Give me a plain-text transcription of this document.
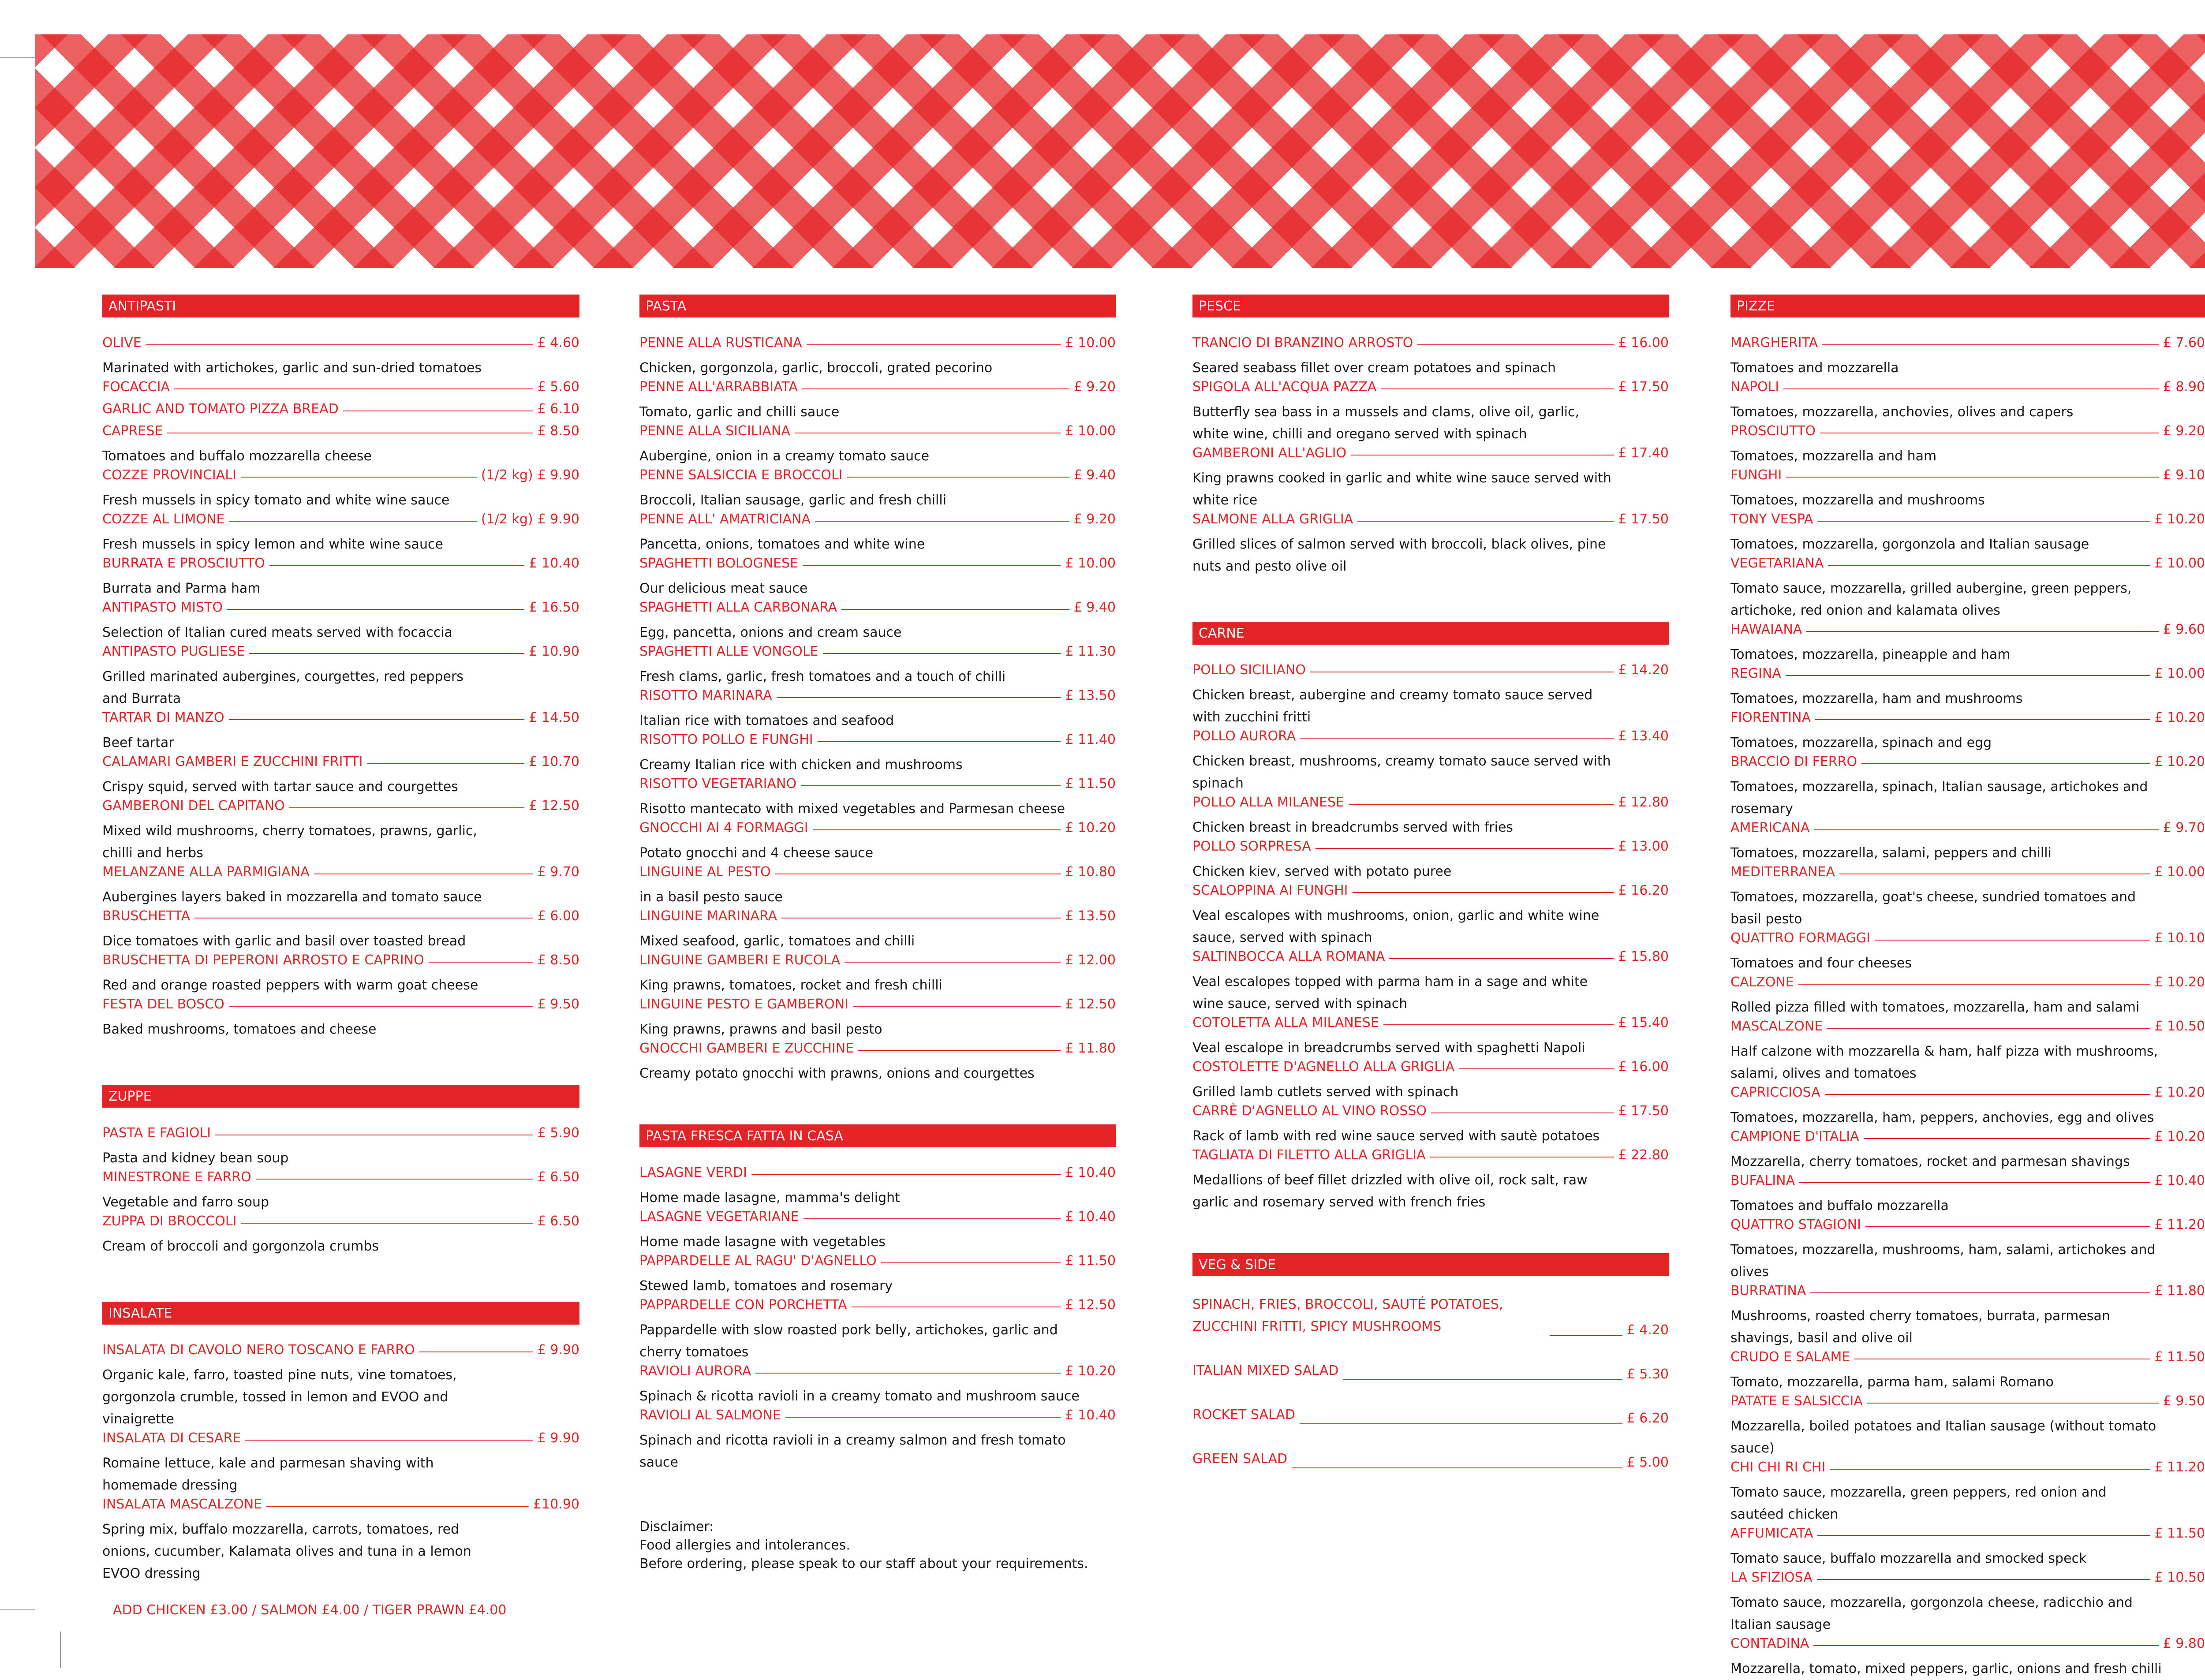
ANTIPASTI
OLIVE	£ 4.60
Marinated with artichokes, garlic and sun-dried tomatoes
FOCACCIA	£ 5.60
GARLIC AND TOMATO PIZZA BREAD	£ 6.10
CAPRESE	£ 8.50
Tomatoes and buffalo mozzarella cheese
COZZE PROVINCIALI	(1/2 kg) £ 9.90
Fresh mussels in spicy tomato and white wine sauce
COZZE AL LIMONE	(1/2 kg) £ 9.90
Fresh mussels in spicy lemon and white wine sauce
BURRATA E PROSCIUTTO	£ 10.40
Burrata and Parma ham
ANTIPASTO MISTO	£ 16.50
Selection of Italian cured meats served with focaccia
ANTIPASTO PUGLIESE	£ 10.90
Grilled marinated aubergines, courgettes, red peppers and Burrata
TARTAR DI MANZO	£ 14.50
Beef tartar
CALAMARI GAMBERI E ZUCCHINI FRITTI	£ 10.70
Crispy squid, served with tartar sauce and courgettes
GAMBERONI DEL CAPITANO	£ 12.50
Mixed wild mushrooms, cherry tomatoes, prawns, garlic, chilli and herbs
MELANZANE ALLA PARMIGIANA	£ 9.70
Aubergines layers baked in mozzarella and tomato sauce
BRUSCHETTA	£ 6.00
Dice tomatoes with garlic and basil over toasted bread
BRUSCHETTA DI PEPERONI ARROSTO E CAPRINO	£ 8.50
Red and orange roasted peppers with warm goat cheese
FESTA DEL BOSCO	£ 9.50
Baked mushrooms, tomatoes and cheese
ZUPPE
PASTA E FAGIOLI	£ 5.90
Pasta and kidney bean soup
MINESTRONE E FARRO	£ 6.50
Vegetable and farro soup
ZUPPA DI BROCCOLI	£ 6.50
Cream of broccoli and gorgonzola crumbs
INSALATE
INSALATA DI CAVOLO NERO TOSCANO E FARRO	£ 9.90
Organic kale, farro, toasted pine nuts, vine tomatoes, gorgonzola crumble, tossed in lemon and EVOO and vinaigrette
INSALATA DI CESARE	£ 9.90
Romaine lettuce, kale and parmesan shaving with homemade dressing
INSALATA MASCALZONE	£10.90
Spring mix, buffalo mozzarella, carrots, tomatoes, red onions, cucumber, Kalamata olives and tuna in a lemon EVOO dressing
ADD CHICKEN £3.00 / SALMON £4.00 / TIGER PRAWN £4.00
PASTA
PENNE ALLA RUSTICANA	£ 10.00
Chicken, gorgonzola, garlic, broccoli, grated pecorino
PENNE ALL'ARRABBIATA	£ 9.20
Tomato, garlic and chilli sauce
PENNE ALLA SICILIANA	£ 10.00
Aubergine, onion in a creamy tomato sauce
PENNE SALSICCIA E BROCCOLI	£ 9.40
Broccoli, Italian sausage, garlic and fresh chilli
PENNE ALL' AMATRICIANA	£ 9.20
Pancetta, onions, tomatoes and white wine
SPAGHETTI BOLOGNESE	£ 10.00
Our delicious meat sauce
SPAGHETTI ALLA CARBONARA	£ 9.40
Egg, pancetta, onions and cream sauce
SPAGHETTI ALLE VONGOLE	£ 11.30
Fresh clams, garlic, fresh tomatoes and a touch of chilli
RISOTTO MARINARA	£ 13.50
Italian rice with tomatoes and seafood
RISOTTO POLLO E FUNGHI	£ 11.40
Creamy Italian rice with chicken and mushrooms
RISOTTO VEGETARIANO	£ 11.50
Risotto mantecato with mixed vegetables and Parmesan cheese
GNOCCHI AI 4 FORMAGGI	£ 10.20
Potato gnocchi and 4 cheese sauce
LINGUINE AL PESTO	£ 10.80
in a basil pesto sauce
LINGUINE MARINARA	£ 13.50
Mixed seafood, garlic, tomatoes and chilli
LINGUINE GAMBERI E RUCOLA	£ 12.00
King prawns, tomatoes, rocket and fresh chilli
LINGUINE PESTO E GAMBERONI	£ 12.50
King prawns, prawns and basil pesto
GNOCCHI GAMBERI E ZUCCHINE	£ 11.80
Creamy potato gnocchi with prawns, onions and courgettes
PASTA FRESCA FATTA IN CASA
LASAGNE VERDI	£ 10.40
Home made lasagne, mamma's delight
LASAGNE VEGETARIANE	£ 10.40
Home made lasagne with vegetables
PAPPARDELLE AL RAGU' D'AGNELLO	£ 11.50
Stewed lamb, tomatoes and rosemary
PAPPARDELLE CON PORCHETTA	£ 12.50
Pappardelle with slow roasted pork belly, artichokes, garlic and cherry tomatoes
RAVIOLI AURORA	£ 10.20
Spinach & ricotta ravioli in a creamy tomato and mushroom sauce
RAVIOLI AL SALMONE	£ 10.40
Spinach and ricotta ravioli in a creamy salmon and fresh tomato sauce
Disclaimer:
Food allergies and intolerances.
Before ordering, please speak to our staff about your requirements.
PESCE
TRANCIO DI BRANZINO ARROSTO	£ 16.00
Seared seabass fillet over cream potatoes and spinach
SPIGOLA ALL'ACQUA PAZZA	£ 17.50
Butterfly sea bass in a mussels and clams, olive oil, garlic, white wine, chilli and oregano served with spinach
GAMBERONI ALL'AGLIO	£ 17.40
King prawns cooked in garlic and white wine sauce served with white rice
SALMONE ALLA GRIGLIA	£ 17.50
Grilled slices of salmon served with broccoli, black olives, pine nuts and pesto olive oil
CARNE
POLLO SICILIANO	£ 14.20
Chicken breast, aubergine and creamy tomato sauce served with zucchini fritti
POLLO AURORA	£ 13.40
Chicken breast, mushrooms, creamy tomato sauce served with spinach
POLLO ALLA MILANESE	£ 12.80
Chicken breast in breadcrumbs served with fries
POLLO SORPRESA	£ 13.00
Chicken kiev, served with potato puree
SCALOPPINA AI FUNGHI	£ 16.20
Veal escalopes with mushrooms, onion, garlic and white wine sauce, served with spinach
SALTINBOCCA ALLA ROMANA	£ 15.80
Veal escalopes topped with parma ham in a sage and white wine sauce, served with spinach
COTOLETTA ALLA MILANESE	£ 15.40
Veal escalope in breadcrumbs served with spaghetti Napoli
COSTOLETTE D'AGNELLO ALLA GRIGLIA	£ 16.00
Grilled lamb cutlets served with spinach
CARRÈ D'AGNELLO AL VINO ROSSO	£ 17.50
Rack of lamb with red wine sauce served with sautè potatoes
TAGLIATA DI FILETTO ALLA GRIGLIA	£ 22.80
Medallions of beef fillet drizzled with olive oil, rock salt, raw garlic and rosemary served with french fries
VEG & SIDE
SPINACH, FRIES, BROCCOLI, SAUTÉ POTATOES, ZUCCHINI FRITTI, SPICY MUSHROOMS	£ 4.20
ITALIAN MIXED SALAD	£ 5.30
ROCKET SALAD	£ 6.20
GREEN SALAD	£ 5.00
PIZZE
MARGHERITA	£ 7.60
Tomatoes and mozzarella
NAPOLI	£ 8.90
Tomatoes, mozzarella, anchovies, olives and capers
PROSCIUTTO	£ 9.20
Tomatoes, mozzarella and ham
FUNGHI	£ 9.10
Tomatoes, mozzarella and mushrooms
TONY VESPA	£ 10.20
Tomatoes, mozzarella, gorgonzola and Italian sausage
VEGETARIANA	£ 10.00
Tomato sauce, mozzarella, grilled aubergine, green peppers, artichoke, red onion and kalamata olives
HAWAIANA	£ 9.60
Tomatoes, mozzarella, pineapple and ham
REGINA	£ 10.00
Tomatoes, mozzarella, ham and mushrooms
FIORENTINA	£ 10.20
Tomatoes, mozzarella, spinach and egg
BRACCIO DI FERRO	£ 10.20
Tomatoes, mozzarella, spinach, Italian sausage, artichokes and rosemary
AMERICANA	£ 9.70
Tomatoes, mozzarella, salami, peppers and chilli
MEDITERRANEA	£ 10.00
Tomatoes, mozzarella, goat's cheese, sundried tomatoes and basil pesto
QUATTRO FORMAGGI	£ 10.10
Tomatoes and four cheeses
CALZONE	£ 10.20
Rolled pizza filled with tomatoes, mozzarella, ham and salami
MASCALZONE	£ 10.50
Half calzone with mozzarella & ham, half pizza with mushrooms, salami, olives and tomatoes
CAPRICCIOSA	£ 10.20
Tomatoes, mozzarella, ham, peppers, anchovies, egg and olives
CAMPIONE D'ITALIA	£ 10.20
Mozzarella, cherry tomatoes, rocket and parmesan shavings
BUFALINA	£ 10.40
Tomatoes and buffalo mozzarella
QUATTRO STAGIONI	£ 11.20
Tomatoes, mozzarella, mushrooms, ham, salami, artichokes and olives
BURRATINA	£ 11.80
Mushrooms, roasted cherry tomatoes, burrata, parmesan shavings, basil and olive oil
CRUDO E SALAME	£ 11.50
Tomato, mozzarella, parma ham, salami Romano
PATATE E SALSICCIA	£ 9.50
Mozzarella, boiled potatoes and Italian sausage (without tomato sauce)
CHI CHI RI CHI	£ 11.20
Tomato sauce, mozzarella, green peppers, red onion and sautéed chicken
AFFUMICATA	£ 11.50
Tomato sauce, buffalo mozzarella and smocked speck
LA SFIZIOSA	£ 10.50
Tomato sauce, mozzarella, gorgonzola cheese, radicchio and Italian sausage
CONTADINA	£ 9.80
Mozzarella, tomato, mixed peppers, garlic, onions and fresh chilli
